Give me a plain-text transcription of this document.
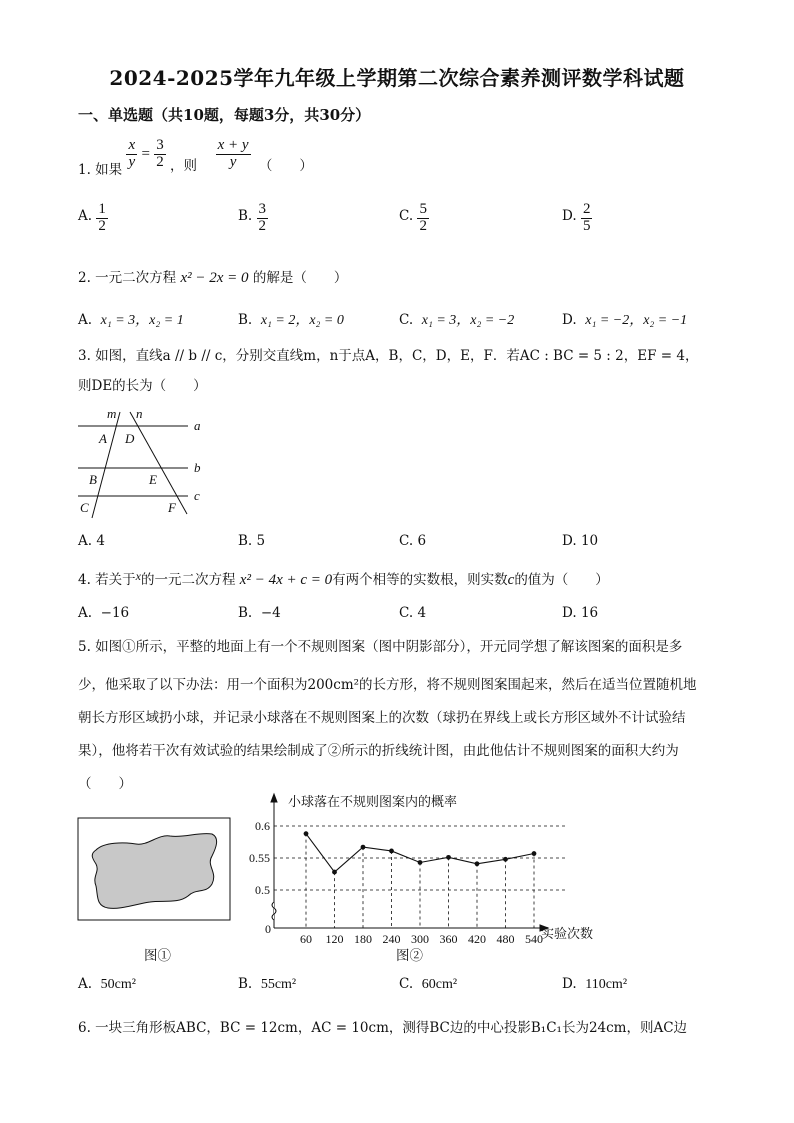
2024-2025学年九年级上学期第二次综合素养测评数学科试题
一、单选题（共10题，每题3分，共30分）
1. 如果 $\frac{x}{y} = \frac{3}{2}$ ，则 $\frac{x + y}{y}$ （　　）
A. $\frac{1}{2}$	B. $\frac{3}{2}$	C. $\frac{5}{2}$	D. $\frac{2}{5}$
2. 一元二次方程 x² − 2x = 0 的解是（　　）
A. x₁ = 3，x₂ = 1	B. x₁ = 2，x₂ = 0	C. x₁ = 3，x₂ = −2	D. x₁ = −2，x₂ = −1
3. 如图，直线a // b // c，分别交直线m，n于点A，B，C，D，E，F．若AC : BC = 5 : 2，EF = 4，
则DE的长为（　　）
a
b
c
m n
A D
B	E
C	F
A. 4	B. 5	C. 6	D. 10
4. 若关于x的一元二次方程 x² − 4x + c = 0有两个相等的实数根，则实数c的值为（　　）
A. −16	B. −4	C. 4	D. 16
5. 如图①所示，平整的地面上有一个不规则图案（图中阴影部分），开元同学想了解该图案的面积是多
少，他采取了以下办法：用一个面积为200cm²的长方形，将不规则图案围起来，然后在适当位置随机地
朝长方形区域扔小球，并记录小球落在不规则图案上的次数（球扔在界线上或长方形区域外不计试验结
果），他将若干次有效试验的结果绘制成了②所示的折线统计图，由此他估计不规则图案的面积大约为
（　　）
图①
小球落在不规则图案内的概率
实验次数
0
0.6
0.55
0.5
60 120 180 240 300 360 420 480 540
图②
A. 50cm²	B. 55cm²	C. 60cm²	D. 110cm²
6. 一块三角形板ABC，BC = 12cm，AC = 10cm，测得BC边的中心投影B₁C₁长为24cm，则AC边
